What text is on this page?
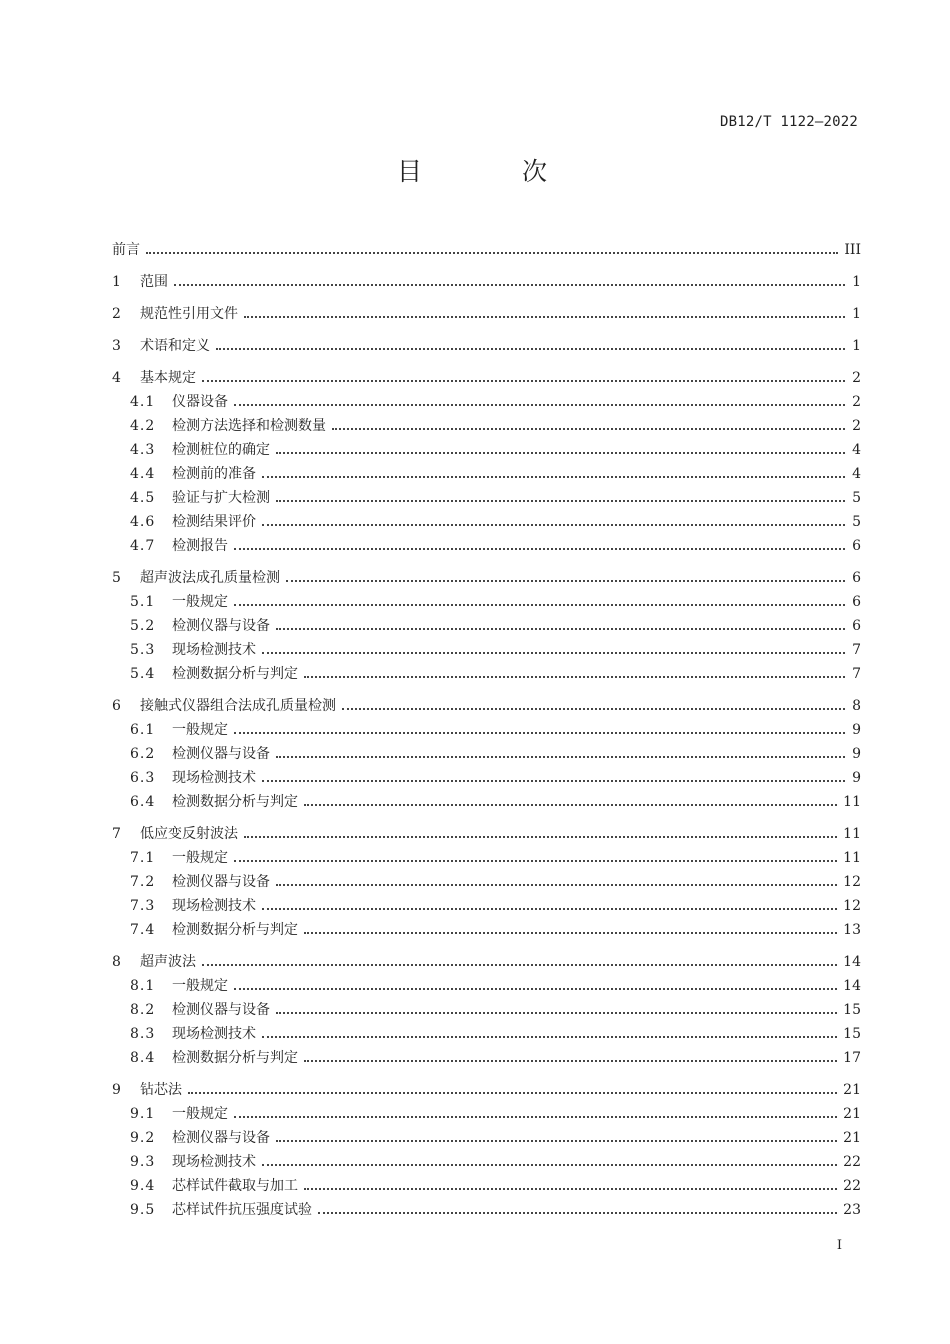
DB12/T 1122—2022
目 次
前言	III
1	范围	1
2	规范性引用文件	1
3	术语和定义	1
4	基本规定	2
4.1	仪器设备	2
4.2	检测方法选择和检测数量	2
4.3	检测桩位的确定	4
4.4	检测前的准备	4
4.5	验证与扩大检测	5
4.6	检测结果评价	5
4.7	检测报告	6
5	超声波法成孔质量检测	6
5.1	一般规定	6
5.2	检测仪器与设备	6
5.3	现场检测技术	7
5.4	检测数据分析与判定	7
6	接触式仪器组合法成孔质量检测	8
6.1	一般规定	9
6.2	检测仪器与设备	9
6.3	现场检测技术	9
6.4	检测数据分析与判定	11
7	低应变反射波法	11
7.1	一般规定	11
7.2	检测仪器与设备	12
7.3	现场检测技术	12
7.4	检测数据分析与判定	13
8	超声波法	14
8.1	一般规定	14
8.2	检测仪器与设备	15
8.3	现场检测技术	15
8.4	检测数据分析与判定	17
9	钻芯法	21
9.1	一般规定	21
9.2	检测仪器与设备	21
9.3	现场检测技术	22
9.4	芯样试件截取与加工	22
9.5	芯样试件抗压强度试验	23
I
